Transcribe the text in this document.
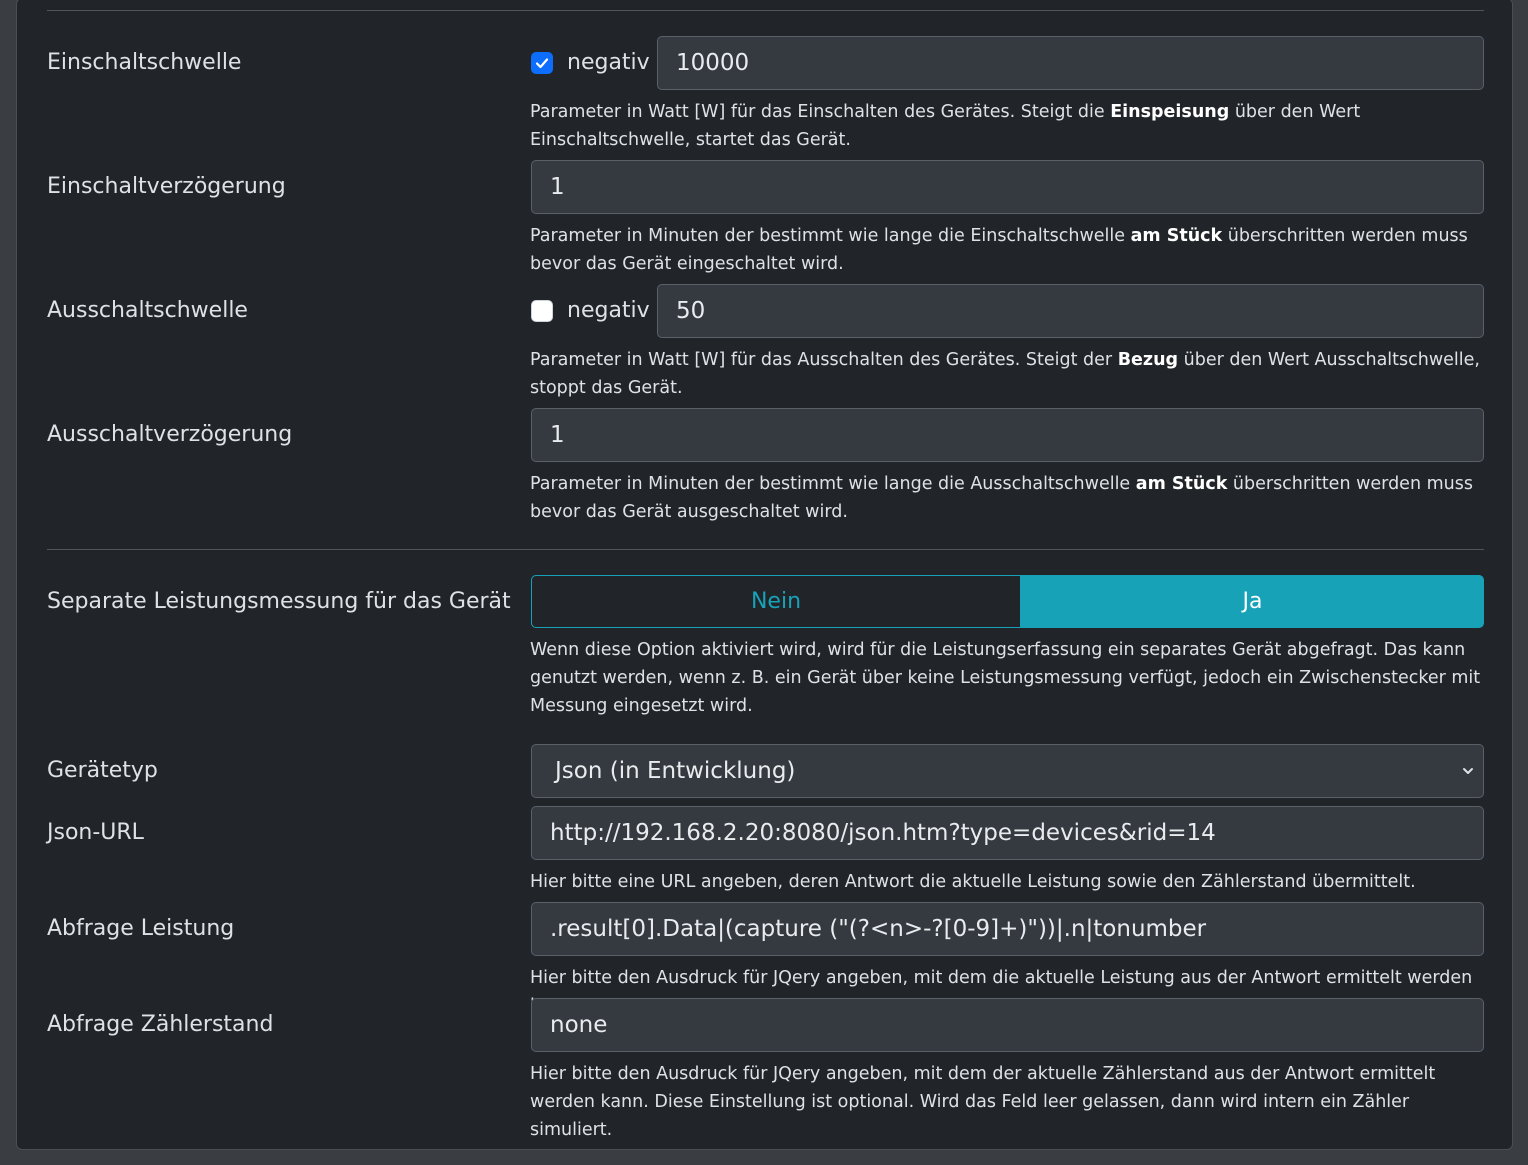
Einschaltschwelle	negativ	10000
Parameter in Watt [W] für das Einschalten des Gerätes. Steigt die Einspeisung über den Wert Einschaltschwelle, startet das Gerät.
Einschaltverzögerung	1
Parameter in Minuten der bestimmt wie lange die Einschaltschwelle am Stück überschritten werden muss bevor das Gerät eingeschaltet wird.
Ausschaltschwelle	negativ	50
Parameter in Watt [W] für das Ausschalten des Gerätes. Steigt der Bezug über den Wert Ausschaltschwelle, stoppt das Gerät.
Ausschaltverzögerung	1
Parameter in Minuten der bestimmt wie lange die Ausschaltschwelle am Stück überschritten werden muss bevor das Gerät ausgeschaltet wird.
Separate Leistungsmessung für das Gerät	Nein	Ja
Wenn diese Option aktiviert wird, wird für die Leistungserfassung ein separates Gerät abgefragt. Das kann genutzt werden, wenn z. B. ein Gerät über keine Leistungsmessung verfügt, jedoch ein Zwischenstecker mit Messung eingesetzt wird.
Gerätetyp	Json (in Entwicklung)
Json-URL	http://192.168.2.20:8080/json.htm?type=devices&rid=14
Hier bitte eine URL angeben, deren Antwort die aktuelle Leistung sowie den Zählerstand übermittelt.
Abfrage Leistung	.result[0].Data|(capture ("(?<n>-?[0-9]+)"))|.n|tonumber
Hier bitte den Ausdruck für JQery angeben, mit dem die aktuelle Leistung aus der Antwort ermittelt werden
Abfrage Zählerstand	none
Hier bitte den Ausdruck für JQery angeben, mit dem der aktuelle Zählerstand aus der Antwort ermittelt werden kann. Diese Einstellung ist optional. Wird das Feld leer gelassen, dann wird intern ein Zähler simuliert.
